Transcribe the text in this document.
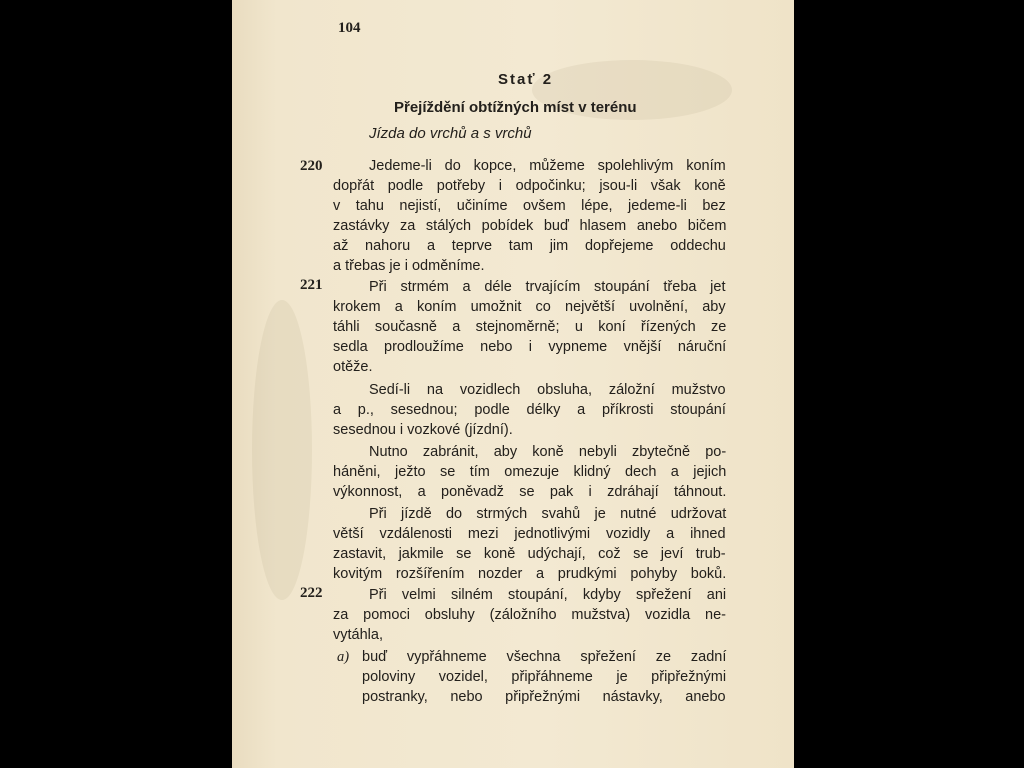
104
Stať 2
Přejíždění obtížných míst v terénu
Jízda do vrchů a s vrchů
220
221
222
Jedeme-li do kopce, můžeme spolehlivým koním
dopřát podle potřeby i odpočinku; jsou-li však koně
v tahu nejistí, učiníme ovšem lépe, jedeme-li bez
zastávky za stálých pobídek buď hlasem anebo bičem
až nahoru a teprve tam jim dopřejeme oddechu
a třebas je i odměníme.
Při strmém a déle trvajícím stoupání třeba jet
krokem a koním umožnit co největší uvolnění, aby
táhli současně a stejnoměrně; u koní řízených ze
sedla prodloužíme nebo i vypneme vnější náruční
otěže.
Sedí-li na vozidlech obsluha, záložní mužstvo
a p., sesednou; podle délky a příkrosti stoupání
sesednou i vozkové (jízdní).
Nutno zabránit, aby koně nebyli zbytečně po-
háněni, ježto se tím omezuje klidný dech a jejich
výkonnost, a poněvadž se pak i zdráhají táhnout.
Při jízdě do strmých svahů je nutné udržovat
větší vzdálenosti mezi jednotlivými vozidly a ihned
zastavit, jakmile se koně udýchají, což se jeví trub-
kovitým rozšířením nozder a prudkými pohyby boků.
Při velmi silném stoupání, kdyby spřežení ani
za pomoci obsluhy (záložního mužstva) vozidla ne-
vytáhla,
a) buď vypřáhneme všechna spřežení ze zadní
poloviny vozidel, připřáhneme je připřežnými
postranky, nebo připřežnými nástavky, anebo
